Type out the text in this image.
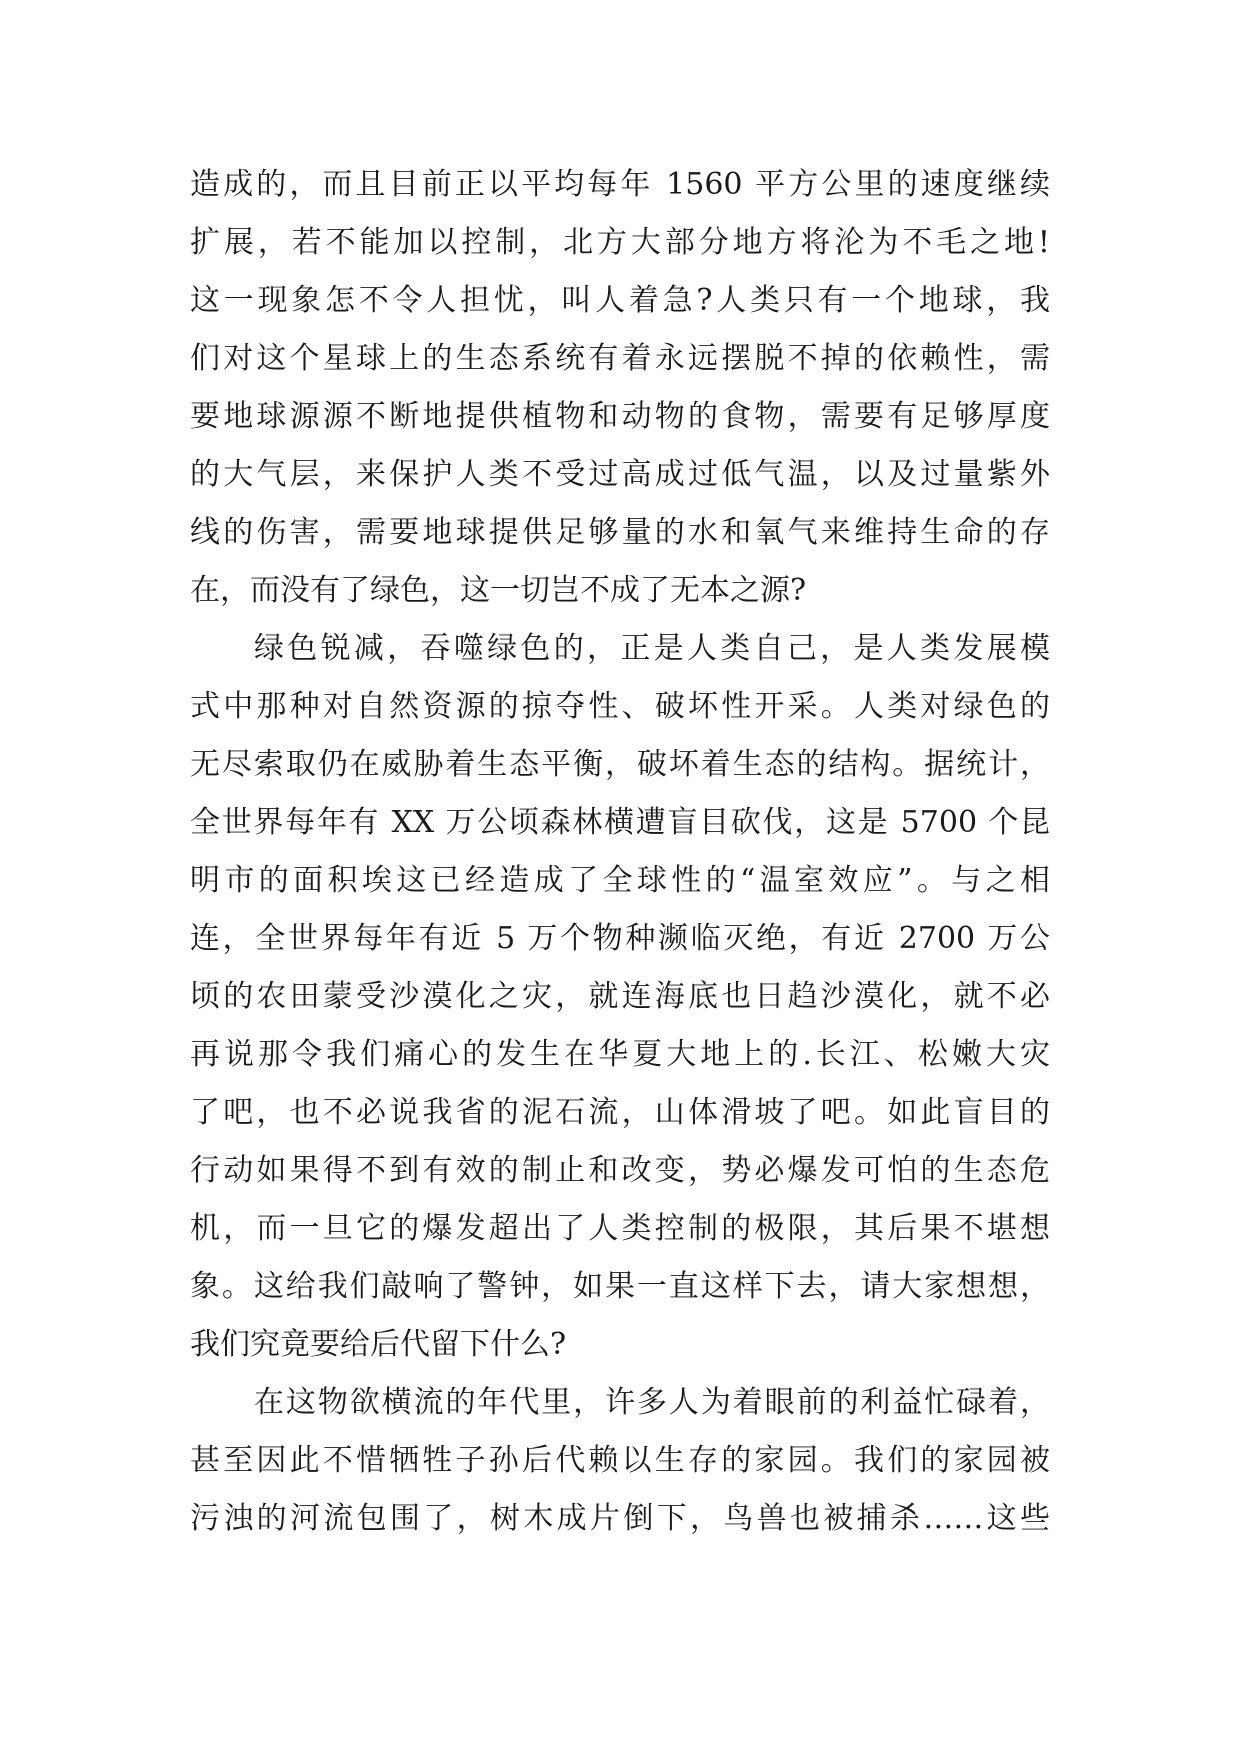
造成的，而且目前正以平均每年 1560 平方公里的速度继续
扩展，若不能加以控制，北方大部分地方将沦为不毛之地!
这一现象怎不令人担忧，叫人着急?人类只有一个地球，我
们对这个星球上的生态系统有着永远摆脱不掉的依赖性，需
要地球源源不断地提供植物和动物的食物，需要有足够厚度
的大气层，来保护人类不受过高成过低气温，以及过量紫外
线的伤害，需要地球提供足够量的水和氧气来维持生命的存
在，而没有了绿色，这一切岂不成了无本之源?
绿色锐减，吞噬绿色的，正是人类自己，是人类发展模
式中那种对自然资源的掠夺性、破坏性开采。人类对绿色的
无尽索取仍在威胁着生态平衡，破坏着生态的结构。据统计，
全世界每年有 XX 万公顷森林横遭盲目砍伐，这是 5700 个昆
明市的面积埃这已经造成了全球性的“温室效应”。与之相
连，全世界每年有近 5 万个物种濒临灭绝，有近 2700 万公
顷的农田蒙受沙漠化之灾，就连海底也日趋沙漠化，就不必
再说那令我们痛心的发生在华夏大地上的.长江、松嫩大灾
了吧，也不必说我省的泥石流，山体滑坡了吧。如此盲目的
行动如果得不到有效的制止和改变，势必爆发可怕的生态危
机，而一旦它的爆发超出了人类控制的极限，其后果不堪想
象。这给我们敲响了警钟，如果一直这样下去，请大家想想，
我们究竟要给后代留下什么?
在这物欲横流的年代里，许多人为着眼前的利益忙碌着，
甚至因此不惜牺牲子孙后代赖以生存的家园。我们的家园被
污浊的河流包围了，树木成片倒下，鸟兽也被捕杀……这些
